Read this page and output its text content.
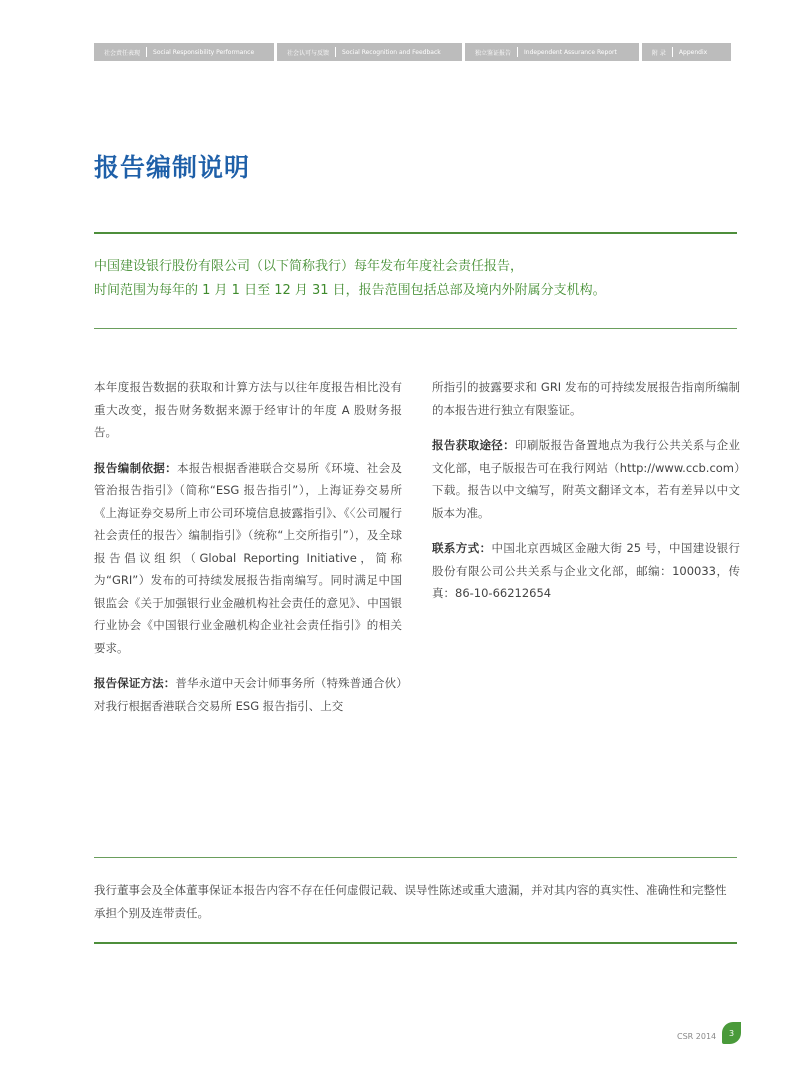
社会责任表现 Social Responsibility Performance	社会认可与反馈 Social Recognition and Feedback	独立鉴证报告 Independent Assurance Report	附 录 Appendix
报告编制说明

中国建设银行股份有限公司（以下简称我行）每年发布年度社会责任报告，

时间范围为每年的 1 月 1 日至 12 月 31 日，报告范围包括总部及境内外附属分支机构。

本年度报告数据的获取和计算方法与以往年度报告相比没有重大改变，报告财务数据来源于经审计的年度 A 股财务报告。

报告编制依据：本报告根据香港联合交易所《环境、社会及管治报告指引》（简称“ESG 报告指引”），上海证券交易所《上海证券交易所上市公司环境信息披露指引》、《〈公司履行社会责任的报告〉编制指引》（统称“上交所指引”），及全球报告倡议组织（Global Reporting Initiative，简称为“GRI”）发布的可持续发展报告指南编写。同时满足中国银监会《关于加强银行业金融机构社会责任的意见》、中国银行业协会《中国银行业金融机构企业社会责任指引》的相关要求。

报告保证方法：普华永道中天会计师事务所（特殊普通合伙）对我行根据香港联合交易所 ESG 报告指引、上交

所指引的披露要求和 GRI 发布的可持续发展报告指南所编制的本报告进行独立有限鉴证。

报告获取途径：印刷版报告备置地点为我行公共关系与企业文化部，电子版报告可在我行网站（http://www.ccb.com）下载。报告以中文编写，附英文翻译文本，若有差异以中文版本为准。

联系方式：中国北京西城区金融大街 25 号，中国建设银行股份有限公司公共关系与企业文化部，邮编：100033，传真：86-10-66212654

我行董事会及全体董事保证本报告内容不存在任何虚假记载、误导性陈述或重大遗漏，并对其内容的真实性、准确性和完整性承担个别及连带责任。

CSR 2014 3
